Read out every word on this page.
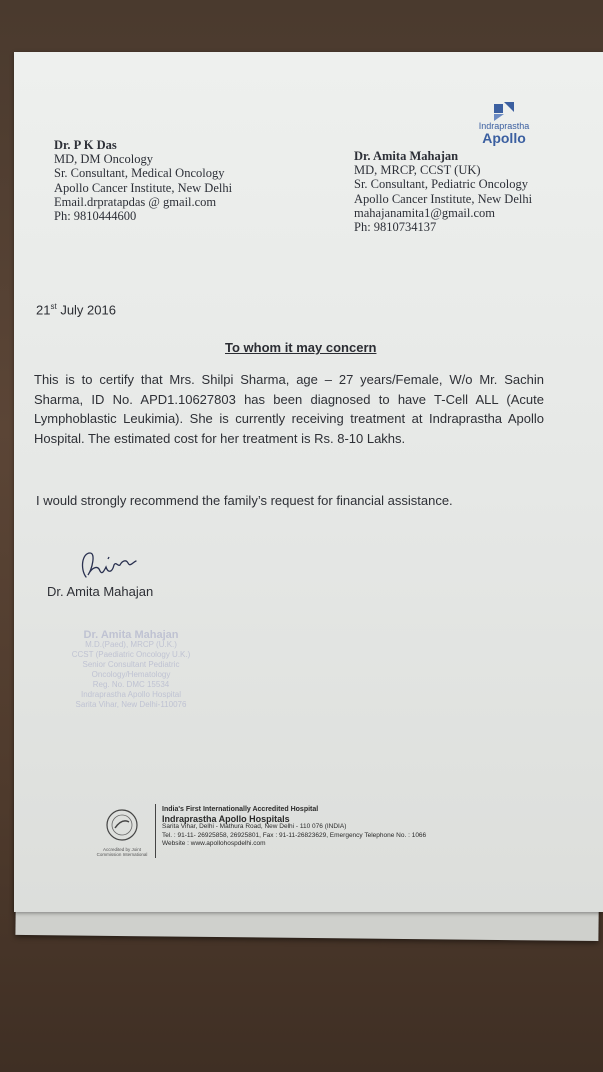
Indraprastha
Apollo
Dr. P K Das
MD, DM Oncology
Sr. Consultant, Medical Oncology
Apollo Cancer Institute, New Delhi
Email.drpratapdas @ gmail.com
Ph: 9810444600
Dr. Amita Mahajan
MD, MRCP, CCST (UK)
Sr. Consultant, Pediatric Oncology
Apollo Cancer Institute, New Delhi
mahajanamita1@gmail.com
Ph: 9810734137
21st July 2016
To whom it may concern
This is to certify that Mrs. Shilpi Sharma, age – 27 years/Female, W/o Mr. Sachin Sharma, ID No. APD1.10627803 has been diagnosed to have T-Cell ALL (Acute Lymphoblastic Leukimia). She is currently receiving treatment at Indraprastha Apollo Hospital. The estimated cost for her treatment is Rs. 8-10 Lakhs.
I would strongly recommend the family’s request for financial assistance.
Dr. Amita Mahajan
Dr. Amita Mahajan
M.D.(Paed), MRCP (U.K.)
CCST (Paediatric Oncology U.K.)
Senior Consultant Pediatric Oncology/Hematology
Reg. No. DMC 15534
Indraprastha Apollo Hospital
Sarita Vihar, New Delhi-110076
Accredited by Joint Commission International
India's First Internationally Accredited Hospital
Indraprastha Apollo Hospitals
Sarita Vihar, Delhi - Mathura Road, New Delhi - 110 076 (INDIA)
Tel. : 91-11- 26925858, 26925801, Fax : 91-11-26823629, Emergency Telephone No. : 1066
Website : www.apollohospdelhi.com
